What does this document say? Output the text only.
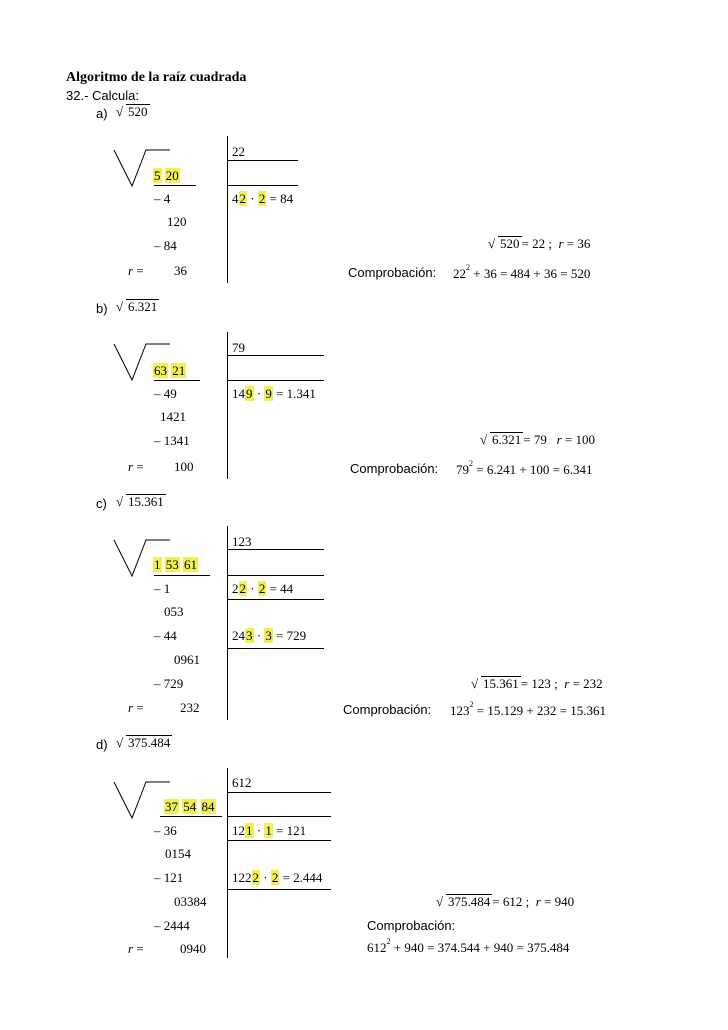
Algoritmo de la raíz cuadrada
32.- Calcula:
a) √ 520
22
5 20
– 4	42 · 2 = 84
120
– 84
r = 36
√ 520 = 22 ;  r = 36
Comprobación: $22^2 + 36 = 484 + 36 = 520$
b) √ 6.321
79
63 21
– 49	149 · 9 = 1.341
1421
– 1341
r = 100
√ 6.321 = 79   r = 100
Comprobación: $79^2 = 6.241 + 100 = 6.341$
c) √ 15.361
123
1 53 61
– 1	22 · 2 = 44
053
– 44	243 · 3 = 729
0961
– 729
r =	232
√ 15.361 = 123 ;  r = 232
Comprobación: $123^2 = 15.129 + 232 = 15.361$
d) √ 375.484
612
37 54 84
– 36	121 · 1 = 121
0154
– 121	1222 · 2 = 2.444
03384
– 2444
r =	0940
√ 375.484 = 612 ;  r = 940
Comprobación:
$612^2 + 940 = 374.544 + 940 = 375.484$
